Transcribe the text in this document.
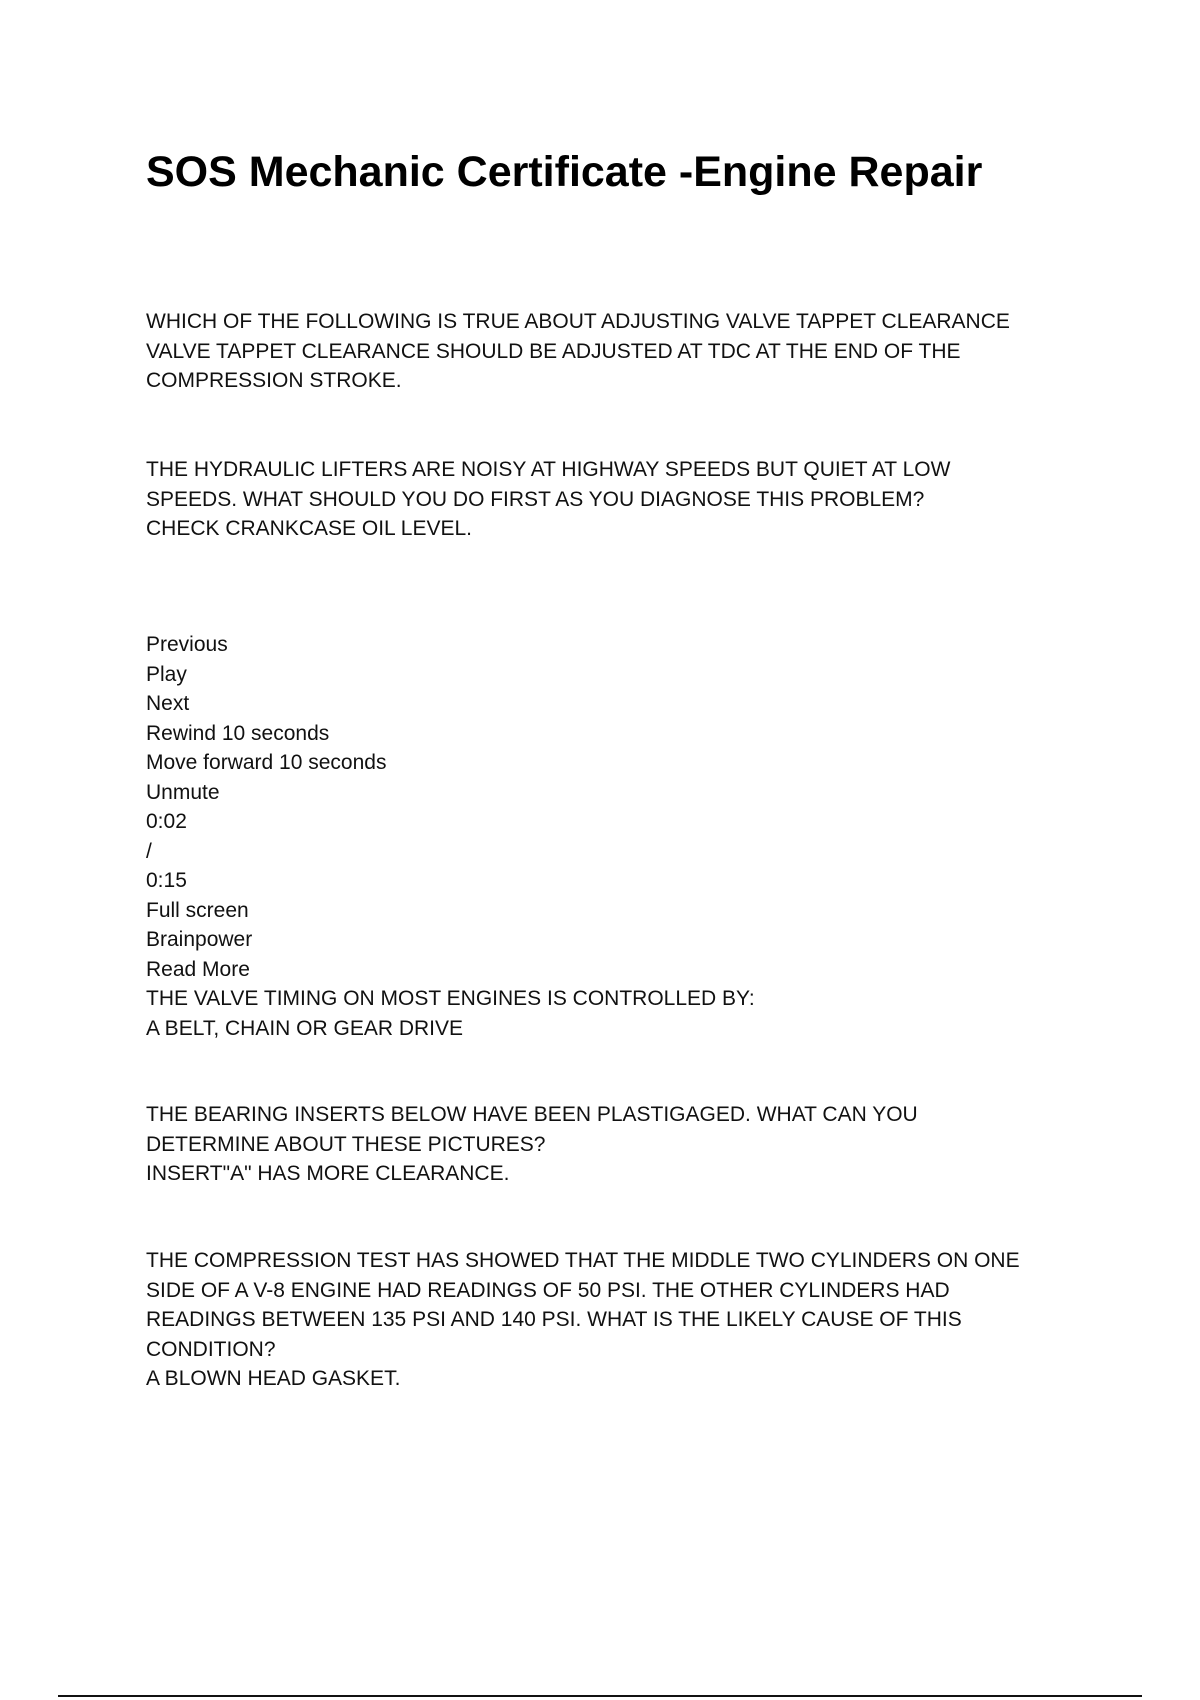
SOS Mechanic Certificate -Engine Repair
WHICH OF THE FOLLOWING IS TRUE ABOUT ADJUSTING VALVE TAPPET CLEARANCE
VALVE TAPPET CLEARANCE SHOULD BE ADJUSTED AT TDC AT THE END OF THE
COMPRESSION STROKE.
THE HYDRAULIC LIFTERS ARE NOISY AT HIGHWAY SPEEDS BUT QUIET AT LOW
SPEEDS. WHAT SHOULD YOU DO FIRST AS YOU DIAGNOSE THIS PROBLEM?
CHECK CRANKCASE OIL LEVEL.
Previous
Play
Next
Rewind 10 seconds
Move forward 10 seconds
Unmute
0:02
/
0:15
Full screen
Brainpower
Read More
THE VALVE TIMING ON MOST ENGINES IS CONTROLLED BY:
A BELT, CHAIN OR GEAR DRIVE
THE BEARING INSERTS BELOW HAVE BEEN PLASTIGAGED. WHAT CAN YOU
DETERMINE ABOUT THESE PICTURES?
INSERT"A" HAS MORE CLEARANCE.
THE COMPRESSION TEST HAS SHOWED THAT THE MIDDLE TWO CYLINDERS ON ONE
SIDE OF A V-8 ENGINE HAD READINGS OF 50 PSI. THE OTHER CYLINDERS HAD
READINGS BETWEEN 135 PSI AND 140 PSI. WHAT IS THE LIKELY CAUSE OF THIS
CONDITION?
A BLOWN HEAD GASKET.
